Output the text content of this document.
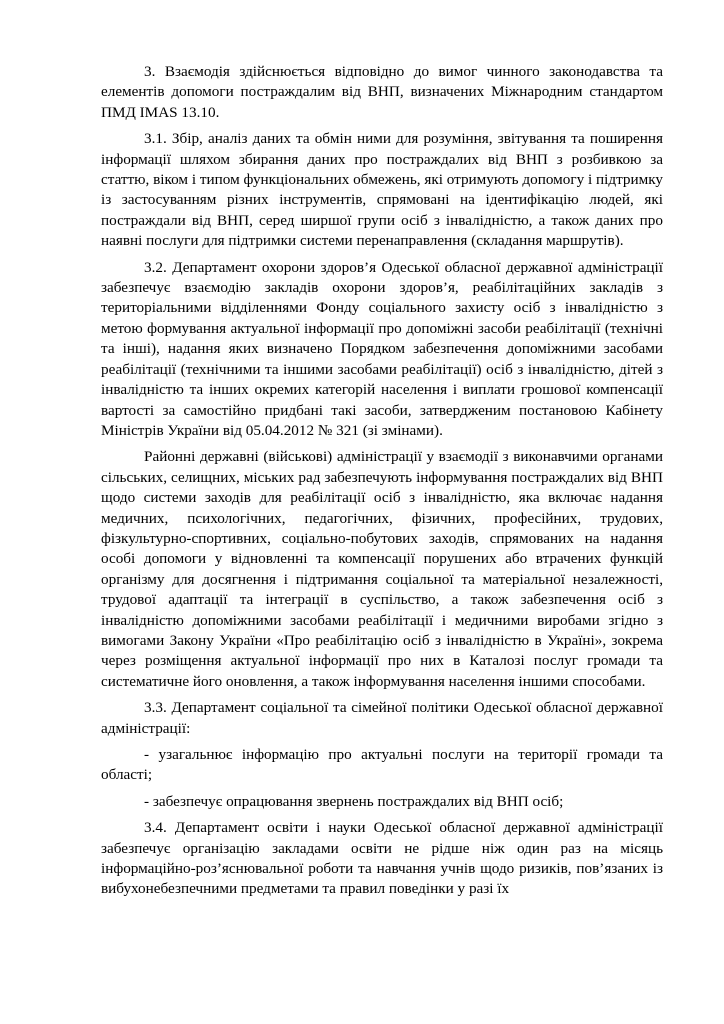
3. Взаємодія здійснюється відповідно до вимог чинного законодавства та елементів допомоги постраждалим від ВНП, визначених Міжнародним стандартом ПМД IMAS 13.10.

3.1. Збір, аналіз даних та обмін ними для розуміння, звітування та поширення інформації шляхом збирання даних про постраждалих від ВНП з розбивкою за статтю, віком і типом функціональних обмежень, які отримують допомогу і підтримку із застосуванням різних інструментів, спрямовані на ідентифікацію людей, які постраждали від ВНП, серед ширшої групи осіб з інвалідністю, а також даних про наявні послуги для підтримки системи перенаправлення (складання маршрутів).

3.2. Департамент охорони здоров’я Одеської обласної державної адміністрації забезпечує взаємодію закладів охорони здоров’я, реабілітаційних закладів з територіальними відділеннями Фонду соціального захисту осіб з інвалідністю з метою формування актуальної інформації про допоміжні засоби реабілітації (технічні та інші), надання яких визначено Порядком забезпечення допоміжними засобами реабілітації (технічними та іншими засобами реабілітації) осіб з інвалідністю, дітей з інвалідністю та інших окремих категорій населення і виплати грошової компенсації вартості за самостійно придбані такі засоби, затвердженим постановою Кабінету Міністрів України від 05.04.2012 № 321 (зі змінами).

Районні державні (військові) адміністрації у взаємодії з виконавчими органами сільських, селищних, міських рад забезпечують інформування постраждалих від ВНП щодо системи заходів для реабілітації осіб з інвалідністю, яка включає надання медичних, психологічних, педагогічних, фізичних, професійних, трудових, фізкультурно-спортивних, соціально-побутових заходів, спрямованих на надання особі допомоги у відновленні та компенсації порушених або втрачених функцій організму для досягнення і підтримання соціальної та матеріальної незалежності, трудової адаптації та інтеграції в суспільство, а також забезпечення осіб з інвалідністю допоміжними засобами реабілітації і медичними виробами згідно з вимогами Закону України «Про реабілітацію осіб з інвалідністю в Україні», зокрема через розміщення актуальної інформації про них в Каталозі послуг громади та систематичне його оновлення, а також інформування населення іншими способами.

3.3. Департамент соціальної та сімейної політики Одеської обласної державної адміністрації:

- узагальнює інформацію про актуальні послуги на території громади та області;

- забезпечує опрацювання звернень постраждалих від ВНП осіб;

3.4. Департамент освіти і науки Одеської обласної державної адміністрації забезпечує організацію закладами освіти не рідше ніж один раз на місяць інформаційно-роз’яснювальної роботи та навчання учнів щодо ризиків, пов’язаних із вибухонебезпечними предметами та правил поведінки у разі їх
